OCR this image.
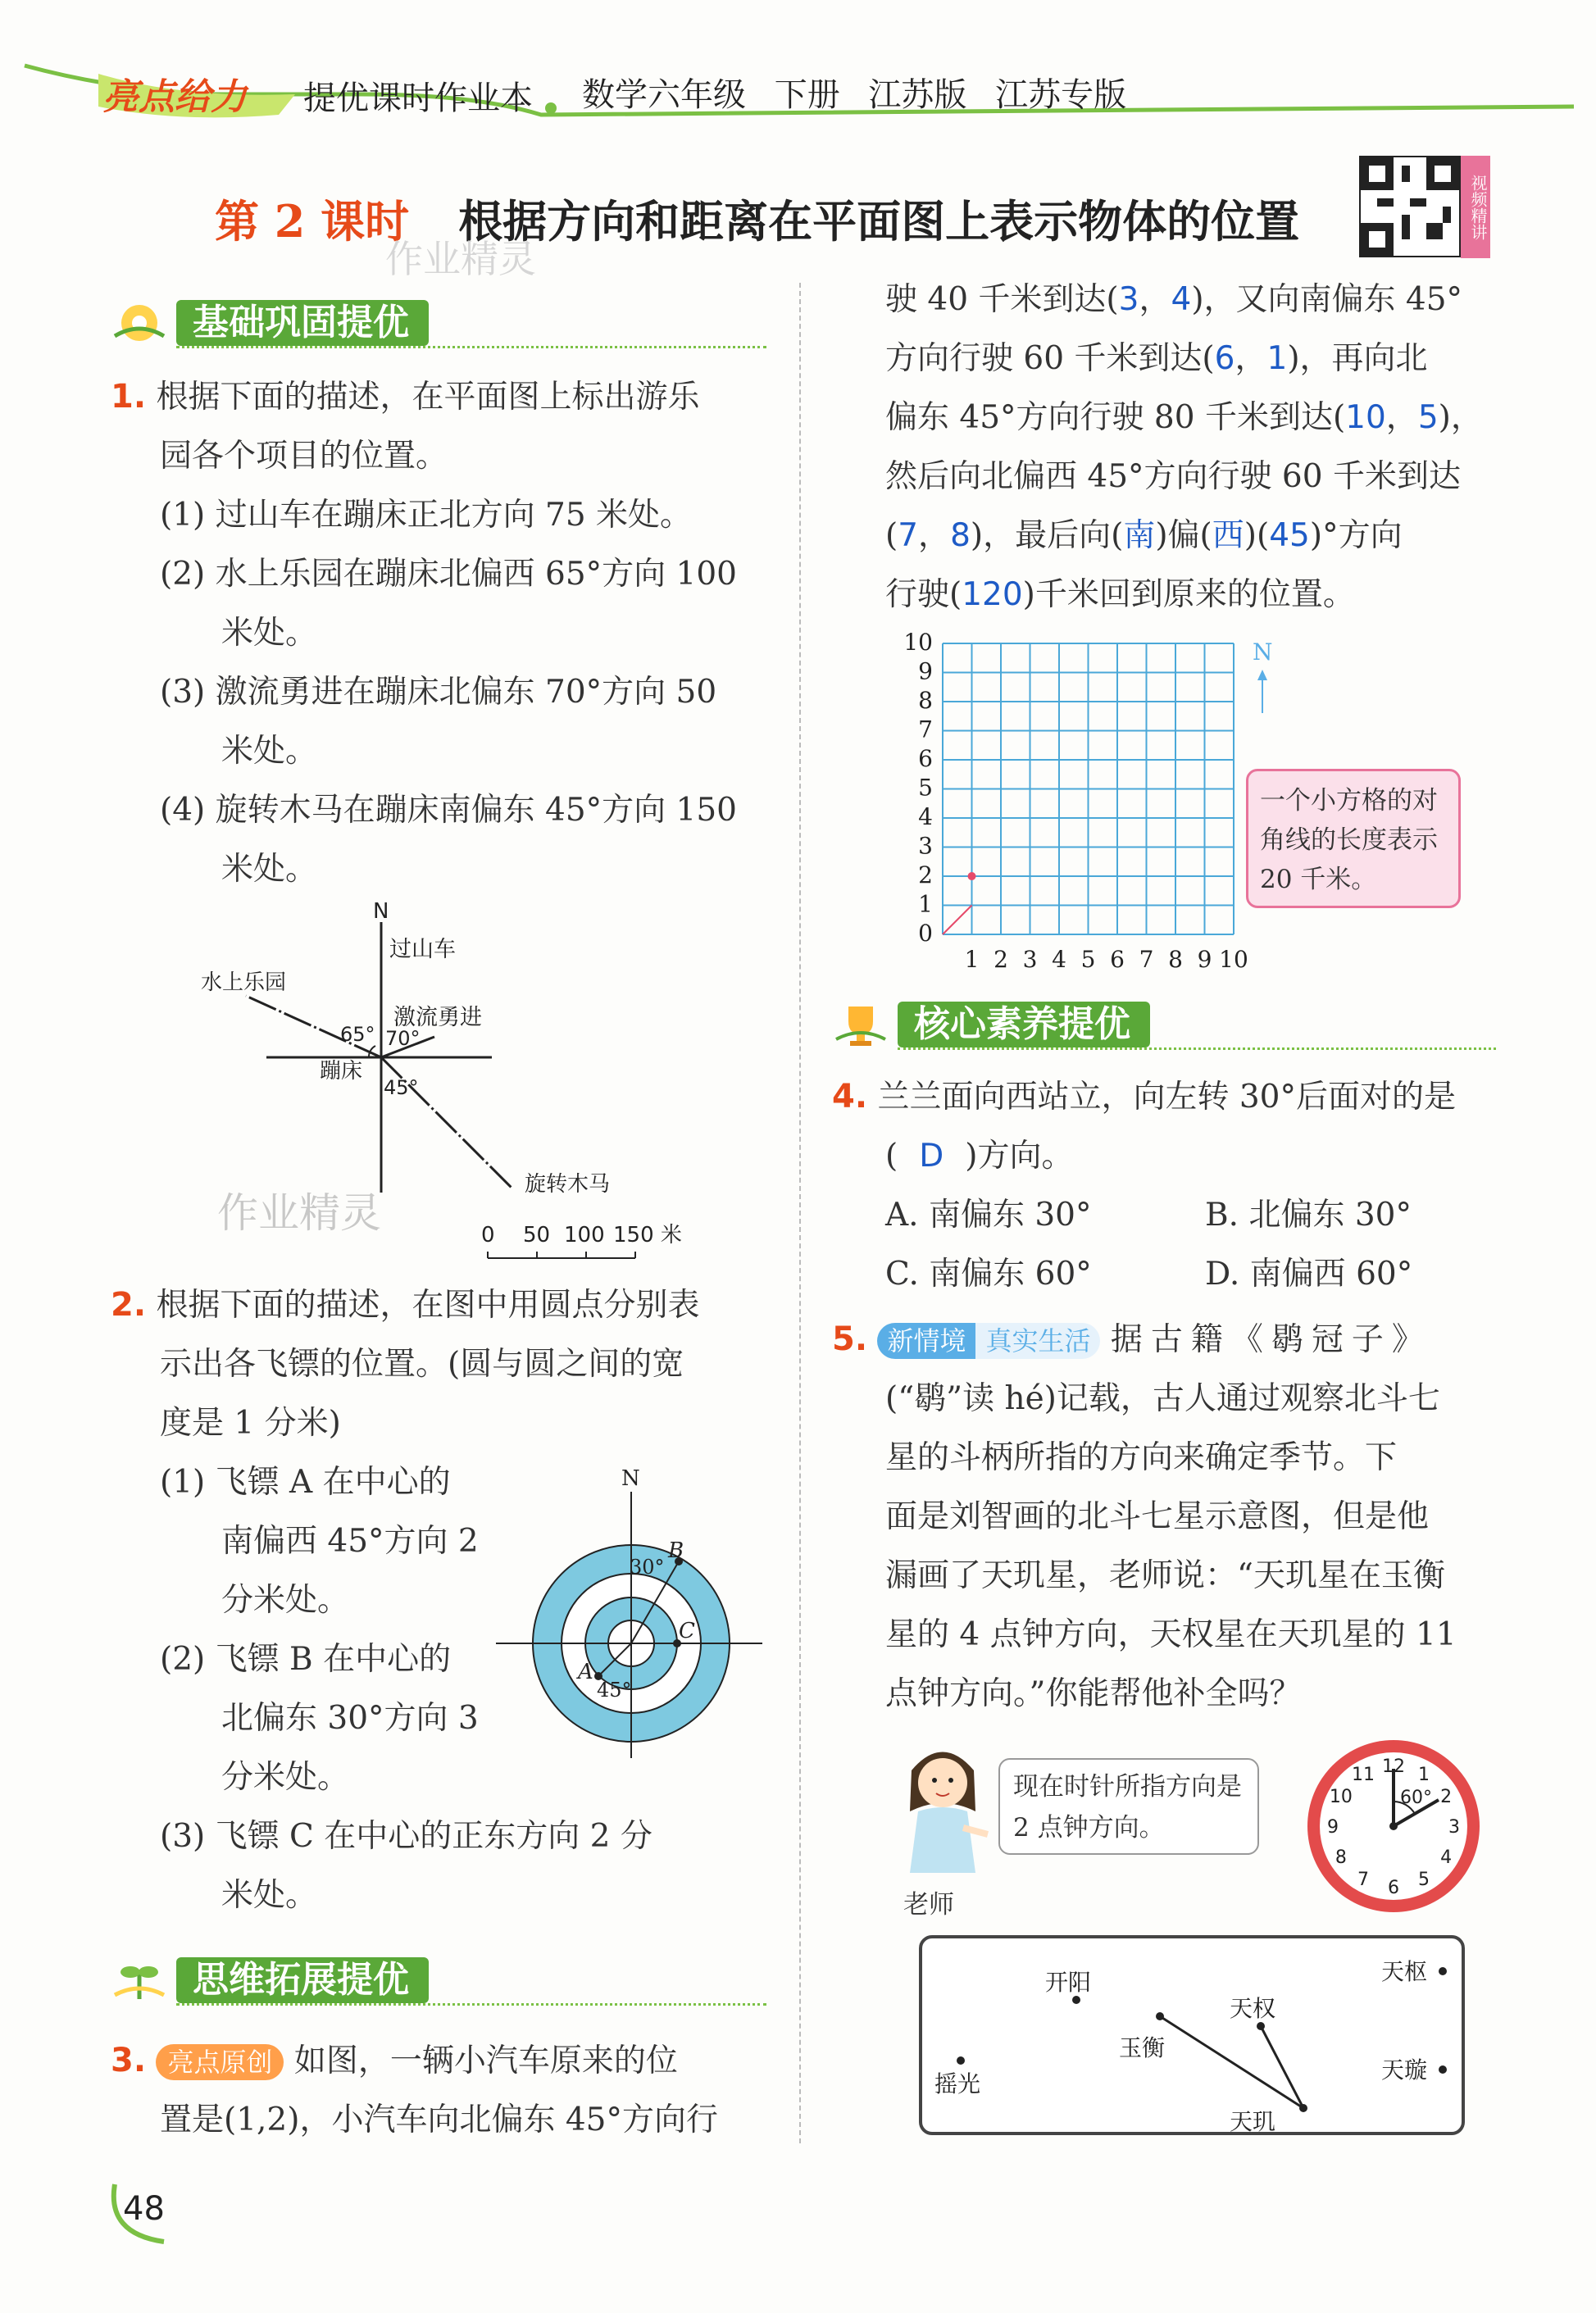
亮点给力 提优课时作业本 数学六年级 下册 江苏版 江苏专版
第 2 课时 根据方向和距离在平面图上表示物体的位置	视频精讲
作业精灵
基础巩固提优
1. 根据下面的描述，在平面图上标出游乐
园各个项目的位置。
(1) 过山车在蹦床正北方向 75 米处。
(2) 水上乐园在蹦床北偏西 65°方向 100
米处。
(3) 激流勇进在蹦床北偏东 70°方向 50
米处。
(4) 旋转木马在蹦床南偏东 45°方向 150
米处。
N
过山车
水上乐园
激流勇进
蹦床
旋转木马
65° 70°
45°
0 50 100 150 米
作业精灵
2. 根据下面的描述，在图中用圆点分别表
示出各飞镖的位置。(圆与圆之间的宽
度是 1 分米)
(1) 飞镖 A 在中心的
南偏西 45°方向 2
分米处。
(2) 飞镖 B 在中心的
北偏东 30°方向 3
分米处。
(3) 飞镖 C 在中心的正东方向 2 分
米处。
N
B
30°
C
A
45°
思维拓展提优
3. 亮点原创 如图，一辆小汽车原来的位
置是(1,2)，小汽车向北偏东 45°方向行
48
驶 40 千米到达(3，4)，又向南偏东 45°
方向行驶 60 千米到达(6，1)，再向北
偏东 45°方向行驶 80 千米到达(10，5)，
然后向北偏西 45°方向行驶 60 千米到达
(7，8)，最后向(南)偏(西)(45)°方向
行驶(120)千米回到原来的位置。
0
1
2
3
4
5
6
7
8
9
10
1 2 3 4 5 6 7 8 9 10
N
一个小方格的对角线的长度表示 20 千米。
核心素养提优
4. 兰兰面向西站立，向左转 30°后面对的是
( D )方向。
A. 南偏东 30°	B. 北偏东 30°
C. 南偏东 60°	D. 南偏西 60°
5. 新情境 真实生活 据古籍《鹖冠子》
(“鹖”读 hé)记载，古人通过观察北斗七
星的斗柄所指的方向来确定季节。下
面是刘智画的北斗七星示意图，但是他
漏画了天玑星，老师说：“天玑星在玉衡
星的 4 点钟方向，天权星在天玑星的 11
点钟方向。”你能帮他补全吗？
老师
现在时针所指方向是 2 点钟方向。
60°
12 1
2
3
4
5
6
7
8
9
10
11
开阳
摇光
玉衡
天权
天枢
天璇
天玑
